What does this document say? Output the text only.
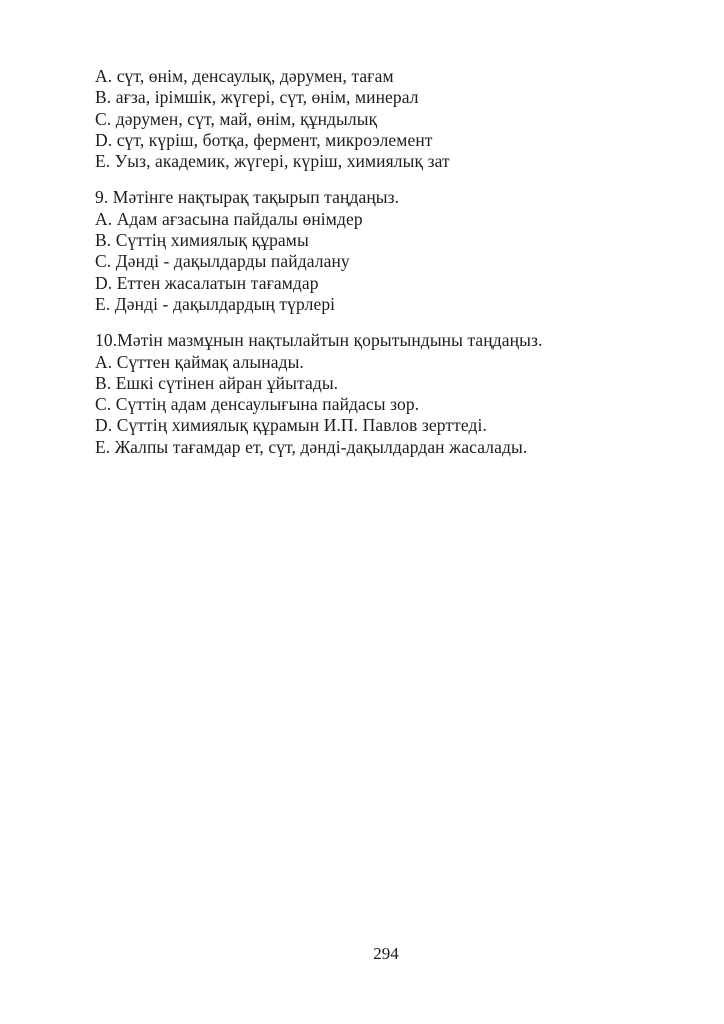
A. сүт, өнім, денсаулық, дәрумен, тағам
B. ағза, ірімшік, жүгері, сүт, өнім, минерал
C. дәрумен, сүт, май, өнім, құндылық
D. сүт, күріш, ботқа, фермент, микроэлемент
E. Уыз, академик, жүгері, күріш, химиялық зат
9. Мәтінге нақтырақ тақырып таңдаңыз.
A. Адам ағзасына пайдалы өнімдер
B. Сүттің химиялық құрамы
C. Дәнді - дақылдарды пайдалану
D. Еттен жасалатын тағамдар
E. Дәнді - дақылдардың түрлері
10.Мәтін мазмұнын нақтылайтын қорытындыны таңдаңыз.
A. Сүттен қаймақ алынады.
B. Ешкі сүтінен айран ұйытады.
C. Сүттің адам денсаулығына пайдасы зор.
D. Сүттің химиялық құрамын И.П. Павлов зерттеді.
E. Жалпы тағамдар ет, сүт, дәнді-дақылдардан жасалады.
294
